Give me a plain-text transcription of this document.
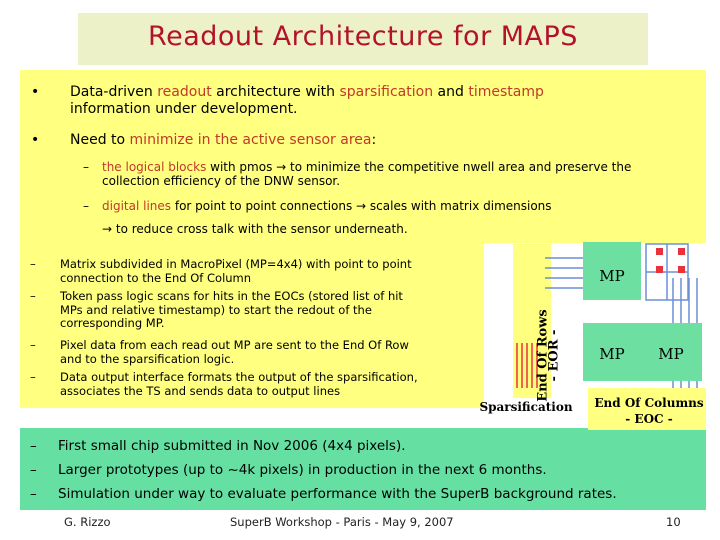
Readout Architecture for MAPS
• Data-driven readout architecture with sparsification and timestamp
information under development.
• Need to minimize in the active sensor area:
– the logical blocks with pmos → to minimize the competitive nwell area and preserve the
collection efficiency of the DNW sensor.
– digital lines for point to point connections → scales with matrix dimensions
→ to reduce cross talk with the sensor underneath.
– Matrix subdivided in MacroPixel (MP=4x4) with point to point
connection to the End Of Column
– Token pass logic scans for hits in the EOCs (stored list of hit
MPs and relative timestamp) to start the redout of the
corresponding MP.
– Pixel data from each read out MP are sent to the End Of Row
and to the sparsification logic.
– Data output interface formats the output of the sparsification,
associates the TS and sends data to output lines	End Of Rows
- EOR -
MP
MP	MP
Sparsification	End Of Columns
- EOC -
– First small chip submitted in Nov 2006 (4x4 pixels).
– Larger prototypes (up to ~4k pixels) in production in the next 6 months.
– Simulation under way to evaluate performance with the SuperB background rates.
G. Rizzo	SuperB Workshop - Paris - May 9, 2007	10
